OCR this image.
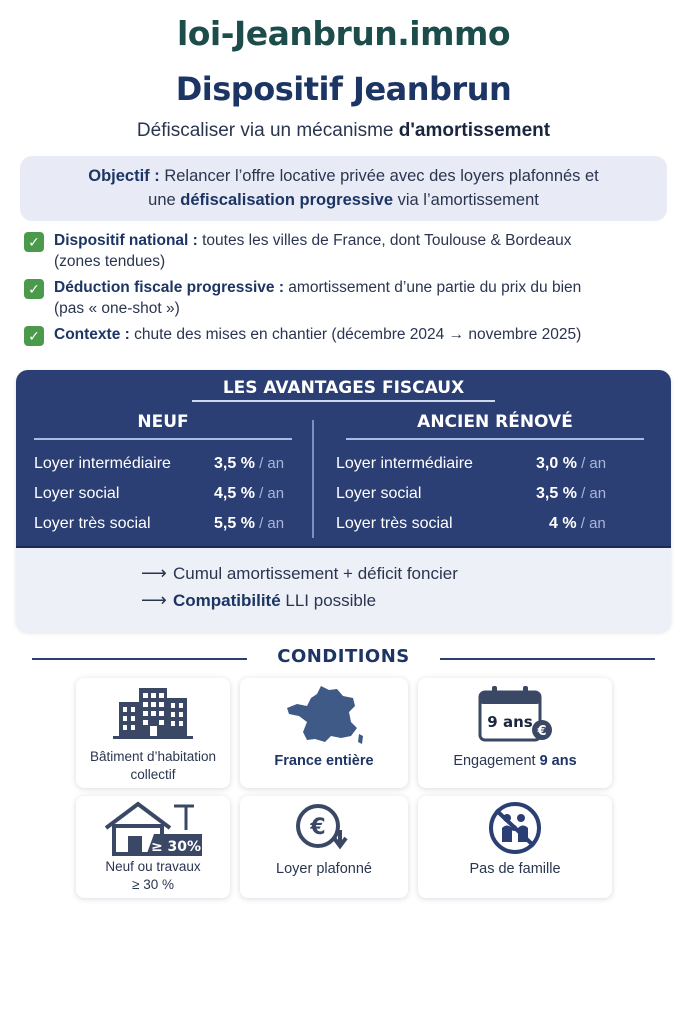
loi-Jeanbrun.immo
Dispositif Jeanbrun
Défiscaliser via un mécanisme d'amortissement
Objectif : Relancer l’offre locative privée avec des loyers plafonnés et
une défiscalisation progressive via l’amortissement
✓ Dispositif national : toutes les villes de France, dont Toulouse & Bordeaux
(zones tendues)
✓ Déduction fiscale progressive : amortissement d’une partie du prix du bien
(pas « one-shot »)
✓ Contexte : chute des mises en chantier (décembre 2024 → novembre 2025)
LES AVANTAGES FISCAUX
NEUF	ANCIEN RÉNOVÉ
Loyer intermédiaire	3,5 % / an
Loyer social	4,5 % / an
Loyer très social	5,5 % / an
Loyer intermédiaire	3,0 % / an
Loyer social	3,5 % / an
Loyer très social	4 % / an
⟶ Cumul amortissement + déficit foncier
⟶ Compatibilité LLI possible
CONDITIONS
Bâtiment d’habitation
collectif
France entière
9 ans
€
Engagement 9 ans
≥ 30%
Neuf ou travaux
≥ 30 %
€
Loyer plafonné	Pas de famille
